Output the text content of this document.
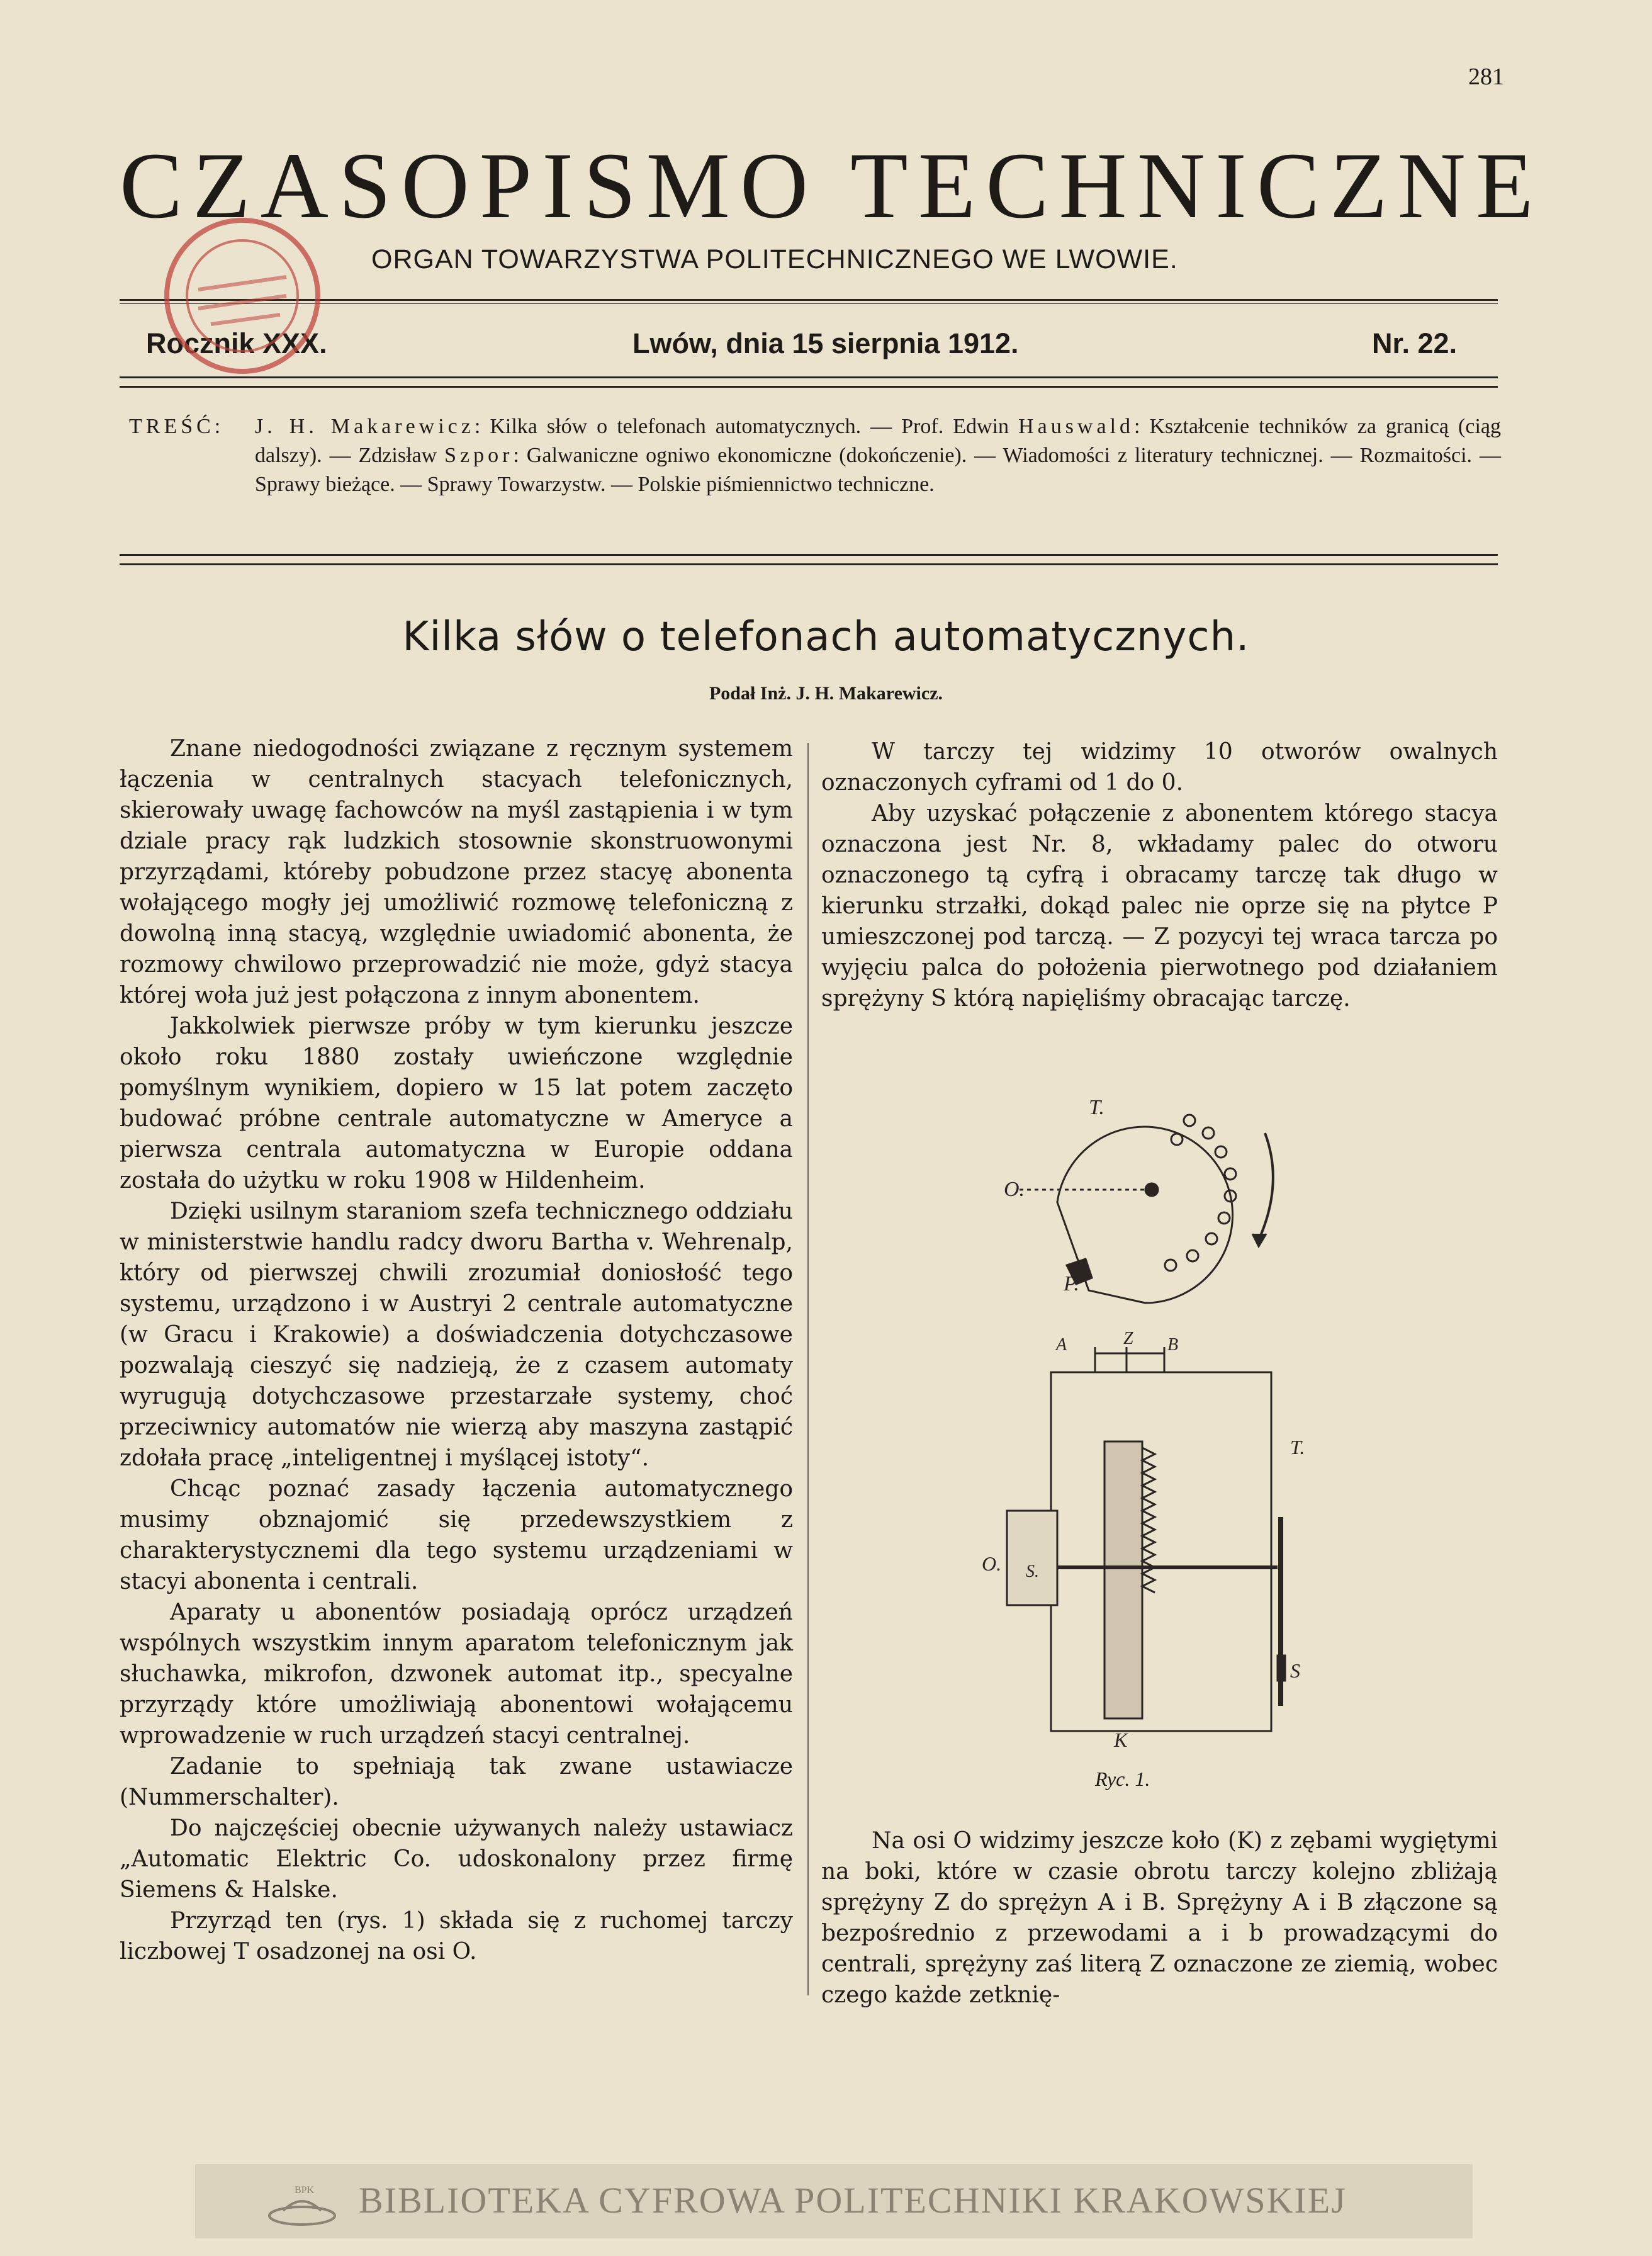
281
CZASOPISMO TECHNICZNE
ORGAN TOWARZYSTWA POLITECHNICZNEGO WE LWOWIE.
Rocznik XXX.	Lwów, dnia 15 sierpnia 1912.	Nr. 22.
TREŚĆ:	J. H. Makarewicz: Kilka słów o telefonach automatycznych. — Prof. Edwin Hauswald: Kształcenie techników za granicą (ciąg dalszy). — Zdzisław Szpor: Galwaniczne ogniwo ekonomiczne (dokończenie). — Wiadomości z literatury technicznej. — Rozmaitości. — Sprawy bieżące. — Sprawy Towarzystw. — Polskie piśmiennictwo techniczne.
Kilka słów o telefonach automatycznych.
Podał Inż. J. H. Makarewicz.

Znane niedogodności związane z ręcznym systemem łączenia w centralnych stacyach telefonicznych, skierowały uwagę fachowców na myśl zastąpienia i w tym dziale pracy rąk ludzkich stosownie skonstruowonymi przyrządami, któreby pobudzone przez stacyę abonenta wołającego mogły jej umożliwić rozmowę telefoniczną z dowolną inną stacyą, względnie uwiadomić abonenta, że rozmowy chwilowo przeprowadzić nie może, gdyż stacya której woła już jest połączona z innym abonentem.

Jakkolwiek pierwsze próby w tym kierunku jeszcze około roku 1880 zostały uwieńczone względnie pomyślnym wynikiem, dopiero w 15 lat potem zaczęto budować próbne centrale automatyczne w Ameryce a pierwsza centrala automatyczna w Europie oddana została do użytku w roku 1908 w Hildenheim.

Dzięki usilnym staraniom szefa technicznego oddziału w ministerstwie handlu radcy dworu Bartha v. Wehrenalp, który od pierwszej chwili zrozumiał doniosłość tego systemu, urządzono i w Austryi 2 centrale automatyczne (w Gracu i Krakowie) a doświadczenia dotychczasowe pozwalają cieszyć się nadzieją, że z czasem automaty wyrugują dotychczasowe przestarzałe systemy, choć przeciwnicy automatów nie wierzą aby maszyna zastąpić zdołała pracę „inteligentnej i myślącej istoty“.

Chcąc poznać zasady łączenia automatycznego musimy obznajomić się przedewszystkiem z charakterystycznemi dla tego systemu urządzeniami w stacyi abonenta i centrali.

Aparaty u abonentów posiadają oprócz urządzeń wspólnych wszystkim innym aparatom telefonicznym jak słuchawka, mikrofon, dzwonek automat itp., specyalne przyrządy które umożliwiają abonentowi wołającemu wprowadzenie w ruch urządzeń stacyi centralnej.

Zadanie to spełniają tak zwane ustawiacze (Nummerschalter).

Do najczęściej obecnie używanych należy ustawiacz „Automatic Elektric Co. udoskonalony przez firmę Siemens & Halske.

Przyrząd ten (rys. 1) składa się z ruchomej tarczy liczbowej T osadzonej na osi O.

W tarczy tej widzimy 10 otworów owalnych oznaczonych cyframi od 1 do 0.

Aby uzyskać połączenie z abonentem którego stacya oznaczona jest Nr. 8, wkładamy palec do otworu oznaczonego tą cyfrą i obracamy tarczę tak długo w kierunku strzałki, dokąd palec nie oprze się na płytce P umieszczonej pod tarczą. — Z pozycyi tej wraca tarcza po wyjęciu palca do położenia pierwotnego pod działaniem sprężyny S którą napięliśmy obracając tarczę.

O.
T.
P.
A	Z B
T.
O. S.
S
K
Ryc. 1.

Na osi O widzimy jeszcze koło (K) z zębami wygiętymi na boki, które w czasie obrotu tarczy kolejno zbliżają sprężyny Z do sprężyn A i B. Sprężyny A i B złączone są bezpośrednio z przewodami a i b prowadzącymi do centrali, sprężyny zaś literą Z oznaczone ze ziemią, wobec czego każde zetknię-

BPK BIBLIOTEKA CYFROWA POLITECHNIKI KRAKOWSKIEJ
